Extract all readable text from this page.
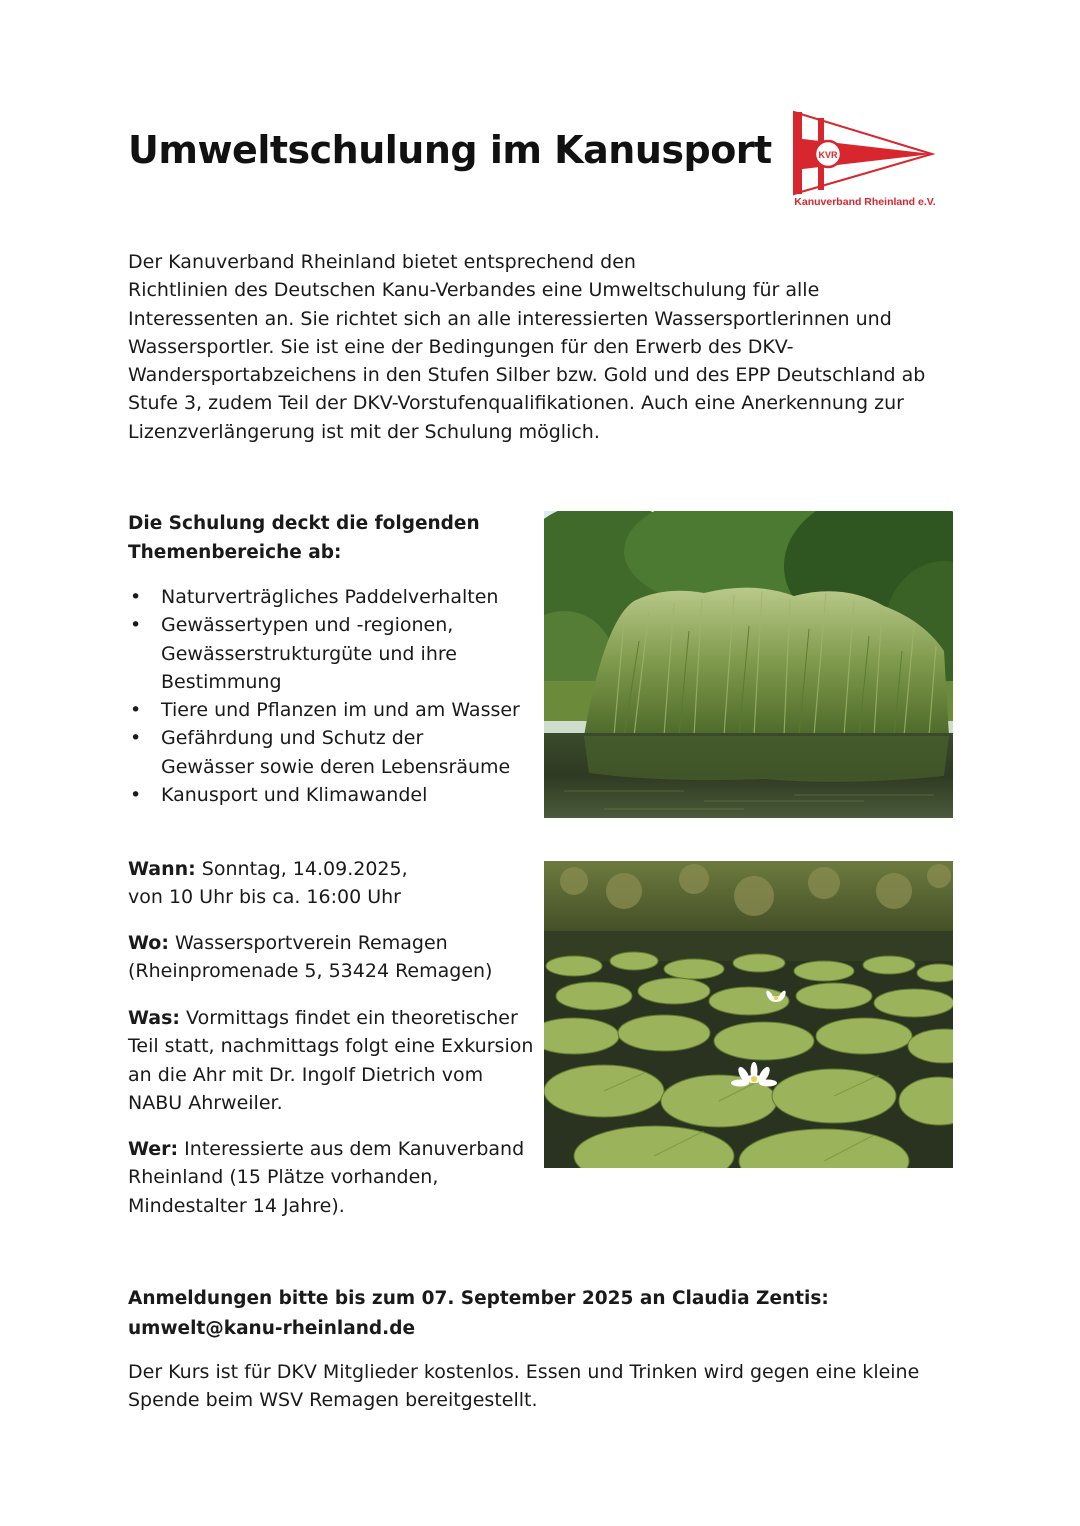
Umweltschulung im Kanusport	KVR
Kanuverband Rheinland e.V.

Der Kanuverband Rheinland bietet entsprechend den

Richtlinien des Deutschen Kanu-Verbandes eine Umweltschulung für alle

Interessenten an. Sie richtet sich an alle interessierten Wassersportlerinnen und

Wassersportler. Sie ist eine der Bedingungen für den Erwerb des DKV-

Wandersportabzeichens in den Stufen Silber bzw. Gold und des EPP Deutschland ab

Stufe 3, zudem Teil der DKV-Vorstufenqualifikationen. Auch eine Anerkennung zur

Lizenzverlängerung ist mit der Schulung möglich.

Die Schulung deckt die folgenden
Themenbereiche ab:
• Naturverträgliches Paddelverhalten
• Gewässertypen und -regionen,
Gewässerstrukturgüte und ihre
Bestimmung
• Tiere und Pflanzen im und am Wasser
• Gefährdung und Schutz der
Gewässer sowie deren Lebensräume
• Kanusport und Klimawandel

Wann: Sonntag, 14.09.2025,

von 10 Uhr bis ca. 16:00 Uhr

Wo: Wassersportverein Remagen

(Rheinpromenade 5, 53424 Remagen)

Was: Vormittags findet ein theoretischer

Teil statt, nachmittags folgt eine Exkursion

an die Ahr mit Dr. Ingolf Dietrich vom

NABU Ahrweiler.

Wer: Interessierte aus dem Kanuverband

Rheinland (15 Plätze vorhanden,

Mindestalter 14 Jahre).

Anmeldungen bitte bis zum 07. September 2025 an Claudia Zentis:
umwelt@kanu-rheinland.de

Der Kurs ist für DKV Mitglieder kostenlos. Essen und Trinken wird gegen eine kleine

Spende beim WSV Remagen bereitgestellt.
